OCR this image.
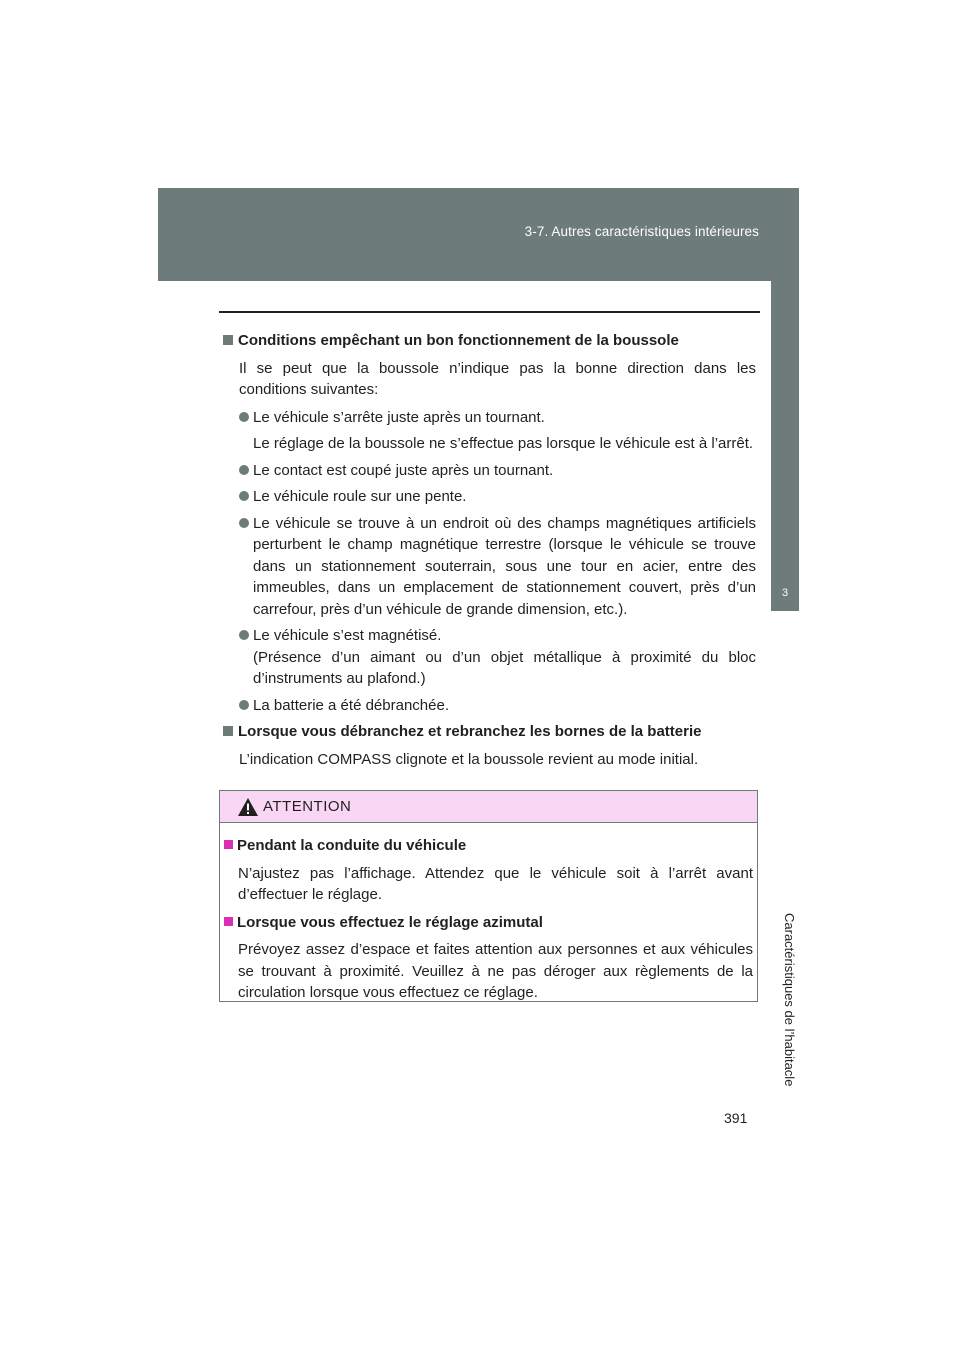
3-7. Autres caractéristiques intérieures
3
Caractéristiques de l’habitacle
Conditions empêchant un bon fonctionnement de la boussole
Il se peut que la boussole n’indique pas la bonne direction dans les conditions suivantes:
Le véhicule s’arrête juste après un tournant.
Le réglage de la boussole ne s’effectue pas lorsque le véhicule est à l’arrêt.
Le contact est coupé juste après un tournant.
Le véhicule roule sur une pente.
Le véhicule se trouve à un endroit où des champs magnétiques artificiels perturbent le champ magnétique terrestre (lorsque le véhicule se trouve dans un stationnement souterrain, sous une tour en acier, entre des immeubles, dans un emplacement de stationnement couvert, près d’un carrefour, près d’un véhicule de grande dimension, etc.).
Le véhicule s’est magnétisé.
(Présence d’un aimant ou d’un objet métallique à proximité du bloc d’instruments au plafond.)
La batterie a été débranchée.
Lorsque vous débranchez et rebranchez les bornes de la batterie
L’indication COMPASS clignote et la boussole revient au mode initial.
ATTENTION
Pendant la conduite du véhicule
N’ajustez pas l’affichage. Attendez que le véhicule soit à l’arrêt avant d’effectuer le réglage.
Lorsque vous effectuez le réglage azimutal
Prévoyez assez d’espace et faites attention aux personnes et aux véhicules se trouvant à proximité. Veuillez à ne pas déroger aux règlements de la circulation lorsque vous effectuez ce réglage.
391
